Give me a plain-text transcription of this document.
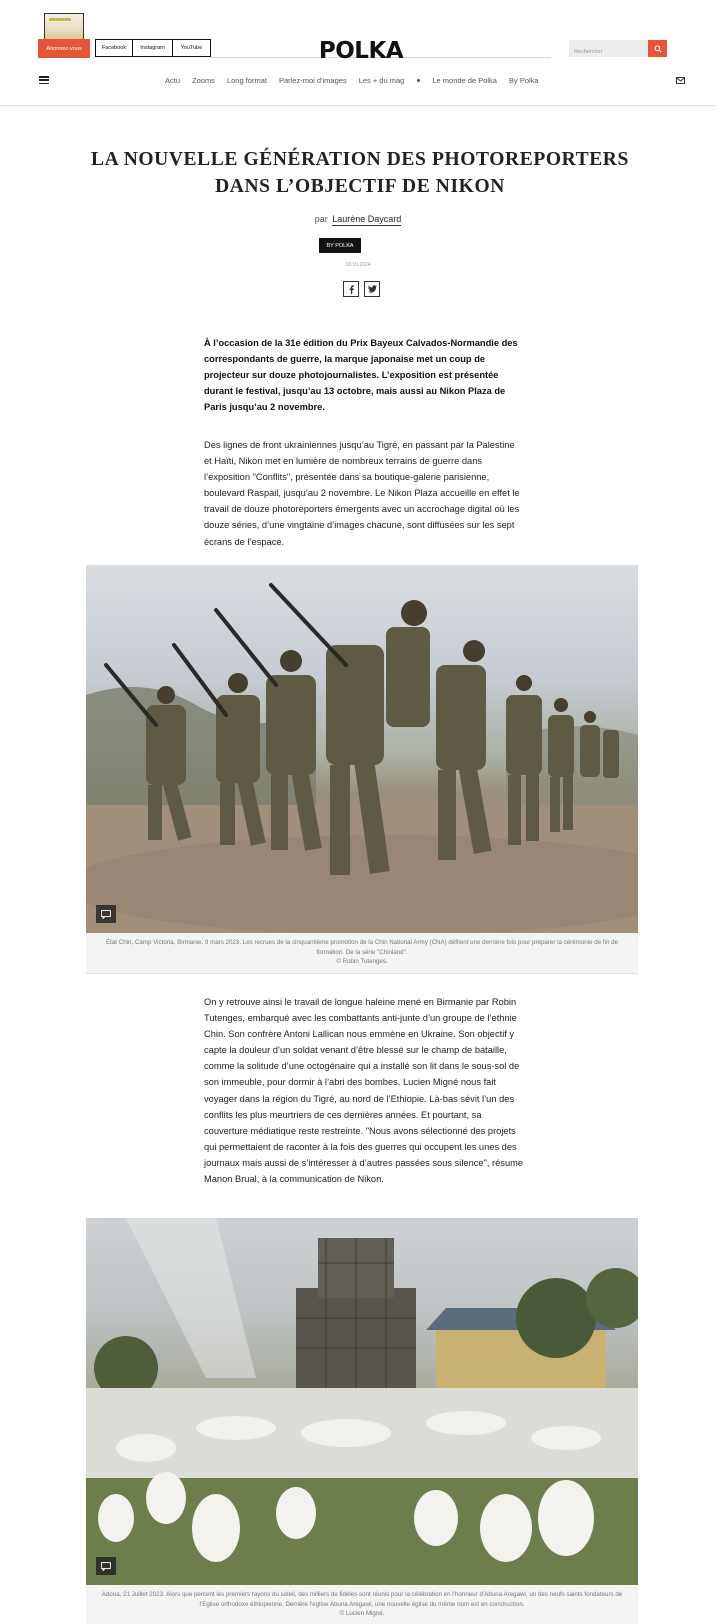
Abonnez-vous	Facebook	Instagram	YouTube	POLKA
Rechercher
Actu Zooms Long format Parlez-moi d'images Les + du mag	Le monde de Polka By Polka
LA NOUVELLE GÉNÉRATION DES PHOTOREPORTERS DANS L’OBJECTIF DE NIKON
par Laurène Daycard
BY POLKA
10.10.2024

À l’occasion de la 31e édition du Prix Bayeux Calvados-Normandie des correspondants de guerre, la marque japonaise met un coup de projecteur sur douze photojournalistes. L’exposition est présentée durant le festival, jusqu’au 13 octobre, mais aussi au Nikon Plaza de Paris jusqu’au 2 novembre.

Des lignes de front ukrainiennes jusqu’au Tigré, en passant par la Palestine et Haïti, Nikon met en lumière de nombreux terrains de guerre dans l’exposition "Conflits", présentée dans sa boutique-galerie parisienne, boulevard Raspail, jusqu’au 2 novembre. Le Nikon Plaza accueille en effet le travail de douze photoreporters émergents avec un accrochage digital où les douze séries, d’une vingtaine d’images chacune, sont diffusées sur les sept écrans de l’espace.

État Chin, Camp Victoria, Birmanie, 9 mars 2023. Les recrues de la cinquantième promotion de la Chin National Army (CNA) défilent une dernière fois pour préparer la cérémonie de fin de formation. De la série "Chinland".
© Robin Tutenges.

On y retrouve ainsi le travail de longue haleine mené en Birmanie par Robin Tutenges, embarqué avec les combattants anti-junte d’un groupe de l’ethnie Chin. Son confrère Antoni Lallican nous emmène en Ukraine. Son objectif y capte la douleur d’un soldat venant d’être blessé sur le champ de bataille, comme la solitude d’une octogénaire qui a installé son lit dans le sous-sol de son immeuble, pour dormir à l’abri des bombes. Lucien Migné nous fait voyager dans la région du Tigré, au nord de l’Ethiopie. Là-bas sévit l’un des conflits les plus meurtriers de ces dernières années. Et pourtant, sa couverture médiatique reste restreinte. "Nous avons sélectionné des projets qui permettaient de raconter à la fois des guerres qui occupent les unes des journaux mais aussi de s’intéresser à d’autres passées sous silence", résume Manon Brual, à la communication de Nikon.

Adoua, 21 Juillet 2023. Alors que percent les premiers rayons du soleil, des milliers de fidèles sont réunis pour la célébration en l’honneur d’Abuna Aregawi, un des neufs saints fondateurs de l’Eglise orthodoxe éthiopienne. Derrière l’église Abuna Aregawi, une nouvelle église du même nom est en construction.
© Lucien Migné.
